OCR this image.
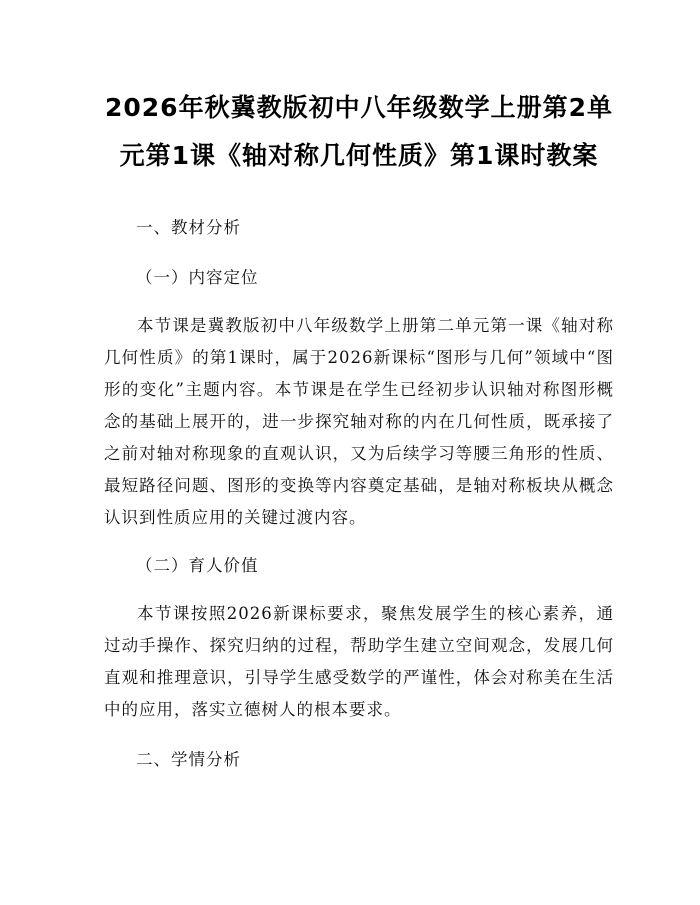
2026年秋冀教版初中八年级数学上册第2单元第1课《轴对称几何性质》第1课时教案
一、教材分析
（一）内容定位

本节课是冀教版初中八年级数学上册第二单元第一课《轴对称几何性质》的第1课时，属于2026新课标“图形与几何”领域中“图形的变化”主题内容。本节课是在学生已经初步认识轴对称图形概念的基础上展开的，进一步探究轴对称的内在几何性质，既承接了之前对轴对称现象的直观认识，又为后续学习等腰三角形的性质、最短路径问题、图形的变换等内容奠定基础，是轴对称板块从概念认识到性质应用的关键过渡内容。

（二）育人价值

本节课按照2026新课标要求，聚焦发展学生的核心素养，通过动手操作、探究归纳的过程，帮助学生建立空间观念，发展几何直观和推理意识，引导学生感受数学的严谨性，体会对称美在生活中的应用，落实立德树人的根本要求。

二、学情分析
